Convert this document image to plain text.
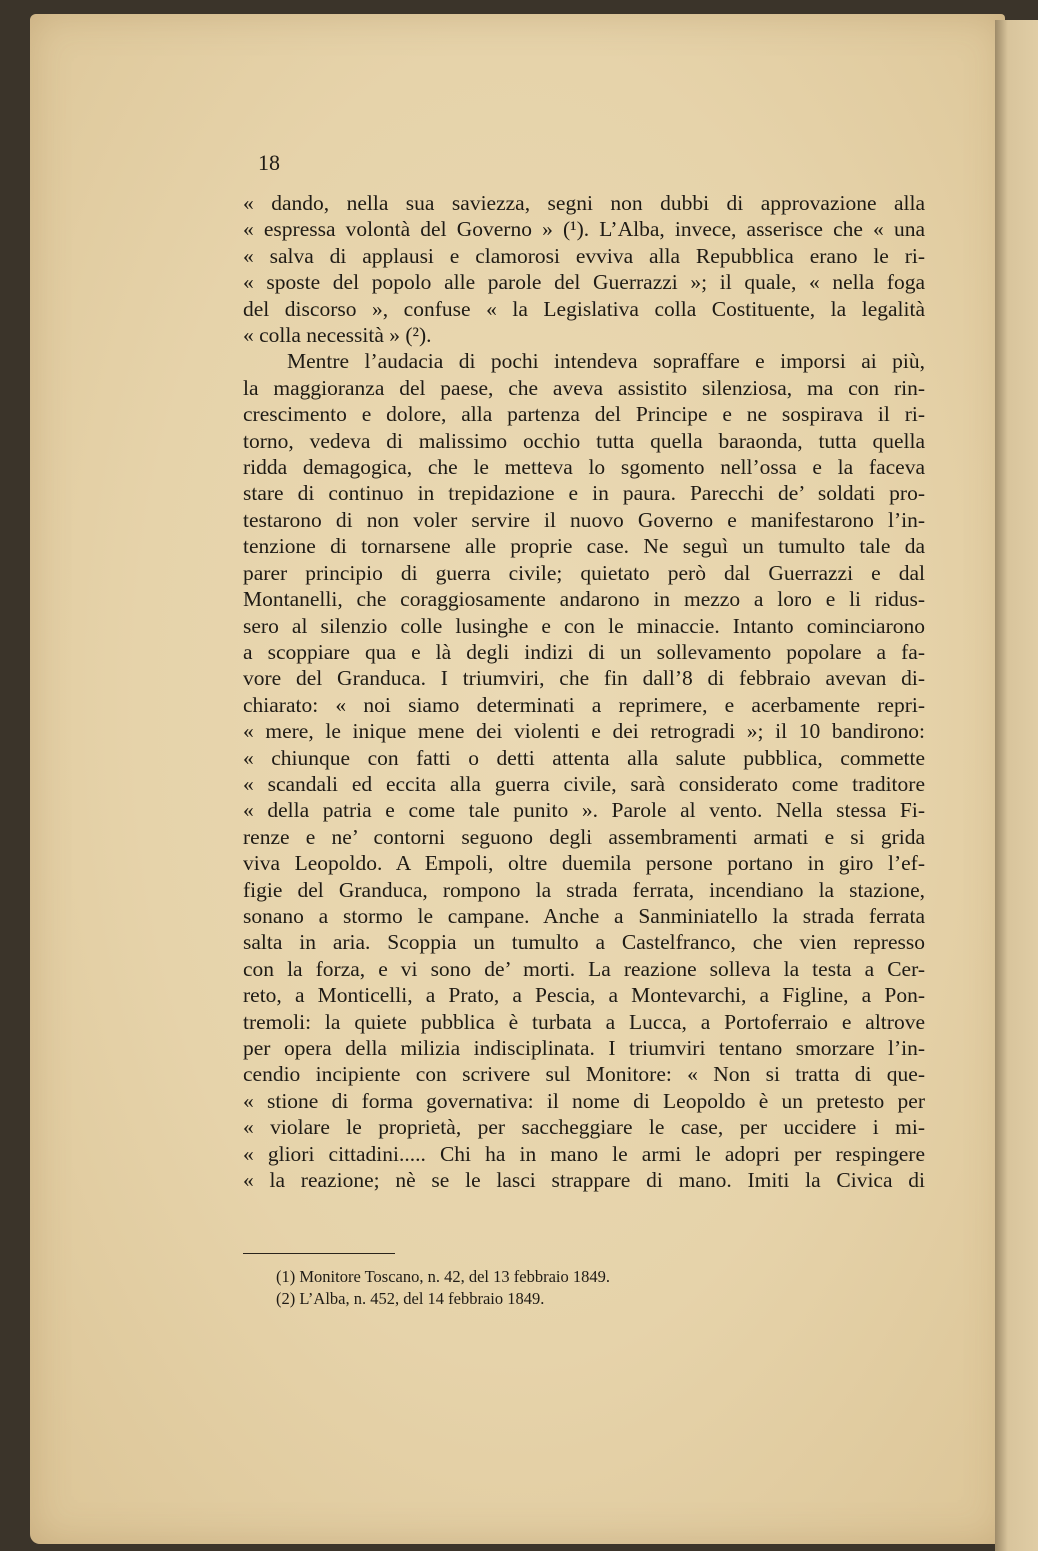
18
« dando, nella sua saviezza, segni non dubbi di approvazione alla
« espressa volontà del Governo » (¹). L’Alba, invece, asserisce che « una
« salva di applausi e clamorosi evviva alla Repubblica erano le ri-
« sposte del popolo alle parole del Guerrazzi »; il quale, « nella foga
del discorso », confuse « la Legislativa colla Costituente, la legalità
« colla necessità » (²).
Mentre l’audacia di pochi intendeva sopraffare e imporsi ai più,
la maggioranza del paese, che aveva assistito silenziosa, ma con rin-
crescimento e dolore, alla partenza del Principe e ne sospirava il ri-
torno, vedeva di malissimo occhio tutta quella baraonda, tutta quella
ridda demagogica, che le metteva lo sgomento nell’ossa e la faceva
stare di continuo in trepidazione e in paura. Parecchi de’ soldati pro-
testarono di non voler servire il nuovo Governo e manifestarono l’in-
tenzione di tornarsene alle proprie case. Ne seguì un tumulto tale da
parer principio di guerra civile; quietato però dal Guerrazzi e dal
Montanelli, che coraggiosamente andarono in mezzo a loro e li ridus-
sero al silenzio colle lusinghe e con le minaccie. Intanto cominciarono
a scoppiare qua e là degli indizi di un sollevamento popolare a fa-
vore del Granduca. I triumviri, che fin dall’8 di febbraio avevan di-
chiarato: « noi siamo determinati a reprimere, e acerbamente repri-
« mere, le inique mene dei violenti e dei retrogradi »; il 10 bandirono:
« chiunque con fatti o detti attenta alla salute pubblica, commette
« scandali ed eccita alla guerra civile, sarà considerato come traditore
« della patria e come tale punito ». Parole al vento. Nella stessa Fi-
renze e ne’ contorni seguono degli assembramenti armati e si grida
viva Leopoldo. A Empoli, oltre duemila persone portano in giro l’ef-
figie del Granduca, rompono la strada ferrata, incendiano la stazione,
sonano a stormo le campane. Anche a Sanminiatello la strada ferrata
salta in aria. Scoppia un tumulto a Castelfranco, che vien represso
con la forza, e vi sono de’ morti. La reazione solleva la testa a Cer-
reto, a Monticelli, a Prato, a Pescia, a Montevarchi, a Figline, a Pon-
tremoli: la quiete pubblica è turbata a Lucca, a Portoferraio e altrove
per opera della milizia indisciplinata. I triumviri tentano smorzare l’in-
cendio incipiente con scrivere sul Monitore: « Non si tratta di que-
« stione di forma governativa: il nome di Leopoldo è un pretesto per
« violare le proprietà, per saccheggiare le case, per uccidere i mi-
« gliori cittadini..... Chi ha in mano le armi le adopri per respingere
« la reazione; nè se le lasci strappare di mano. Imiti la Civica di
(1) Monitore Toscano, n. 42, del 13 febbraio 1849.
(2) L’Alba, n. 452, del 14 febbraio 1849.
